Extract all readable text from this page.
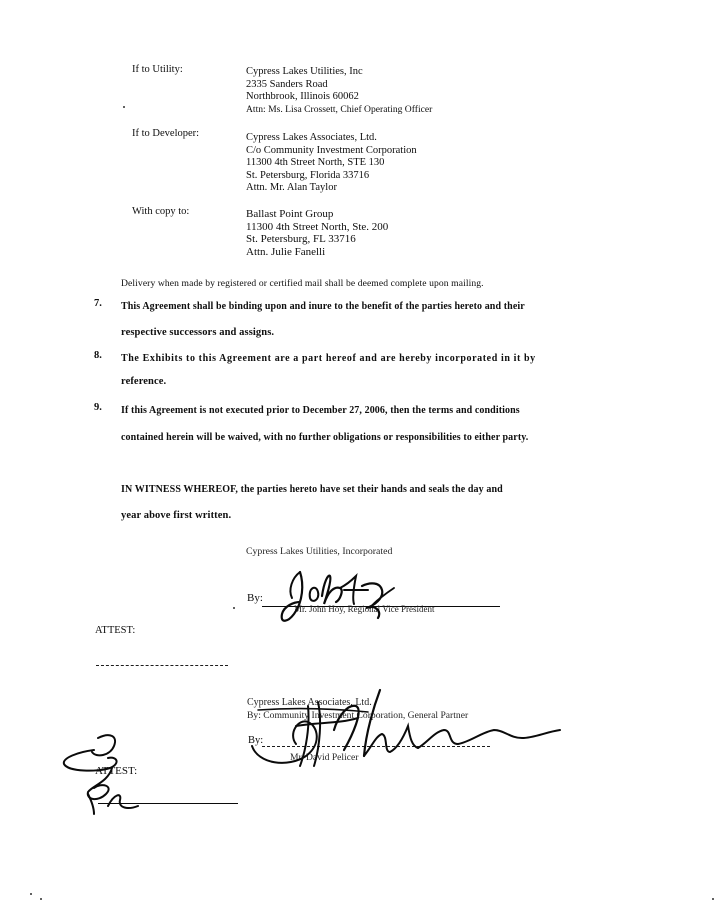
If to Utility:	Cypress Lakes Utilities, Inc
2335 Sanders Road
Northbrook, Illinois 60062
Attn: Ms. Lisa Crossett, Chief Operating Officer
If to Developer:	Cypress Lakes Associates, Ltd.
C/o Community Investment Corporation
11300 4th Street North, STE 130
St. Petersburg, Florida 33716
Attn. Mr. Alan Taylor
With copy to:	Ballast Point Group
11300 4th Street North, Ste. 200
St. Petersburg, FL 33716
Attn. Julie Fanelli
Delivery when made by registered or certified mail shall be deemed complete upon mailing.
7. This Agreement shall be binding upon and inure to the benefit of the parties hereto and their
respective successors and assigns.
8. The Exhibits to this Agreement are a part hereof and are hereby incorporated in it by
reference.
9. If this Agreement is not executed prior to December 27, 2006, then the terms and conditions
contained herein will be waived, with no further obligations or responsibilities to either party.
IN WITNESS WHEREOF, the parties hereto have set their hands and seals the day and
year above first written.
Cypress Lakes Utilities, Incorporated
By:
Mr. John Hoy, Regional Vice President
ATTEST:
Cypress Lakes Associates, Ltd.
By: Community Investment Corporation, General Partner
By:
Mr. David Pelicer
ATTEST:
